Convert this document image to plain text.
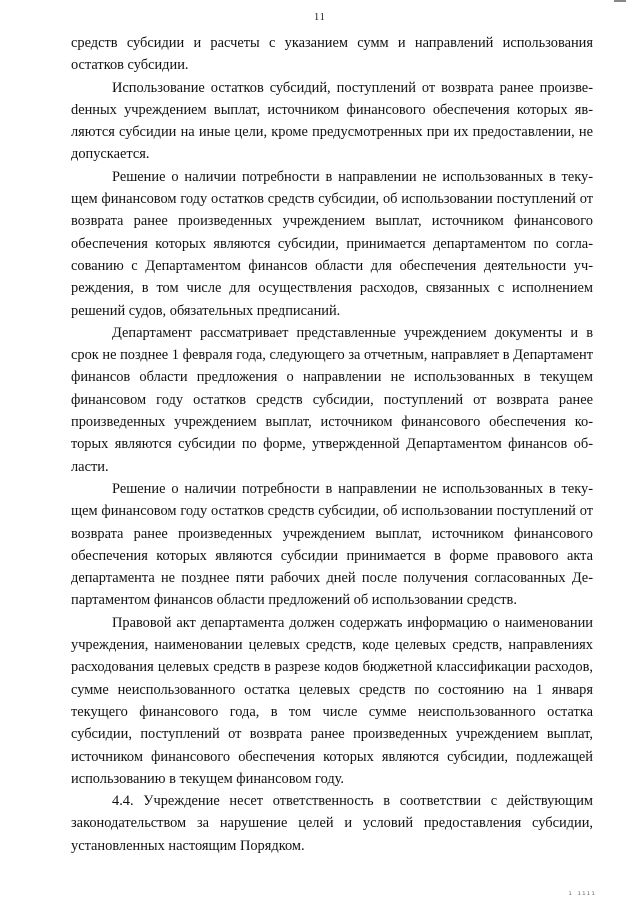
11

средств субсидии и расчеты с указанием сумм и направлений использования остатков субсидии.

Использование остатков субсидий, поступлений от возврата ранее произвеdенных учреждением выплат, источником финансового обеспечения которых являются субсидии на иные цели, кроме предусмотренных при их предоставлении, не допускается.

Решение о наличии потребности в направлении не использованных в текущем финансовом году остатков средств субсидии, об использовании поступлений от возврата ранее произведенных учреждением выплат, источником финансового обеспечения которых являются субсидии, принимается департаментом по согласованию с Департаментом финансов области для обеспечения деятельности учреждения, в том числе для осуществления расходов, связанных с исполнением решений судов, обязательных предписаний.

Департамент рассматривает представленные учреждением документы и в срок не позднее 1 февраля года, следующего за отчетным, направляет в Департамент финансов области предложения о направлении не использованных в текущем финансовом году остатков средств субсидии, поступлений от возврата ранее произведенных учреждением выплат, источником финансового обеспечения которых являются субсидии по форме, утвержденной Департаментом финансов области.

Решение о наличии потребности в направлении не использованных в текущем финансовом году остатков средств субсидии, об использовании поступлений от возврата ранее произведенных учреждением выплат, источником финансового обеспечения которых являются субсидии принимается в форме правового акта департамента не позднее пяти рабочих дней после получения согласованных Департаментом финансов области предложений об использовании средств.

Правовой акт департамента должен содержать информацию о наименовании учреждения, наименовании целевых средств, коде целевых средств, направлениях расходования целевых средств в разрезе кодов бюджетной классификации расходов, сумме неиспользованного остатка целевых средств по состоянию на 1 января текущего финансового года, в том числе сумме неиспользованного остатка субсидии, поступлений от возврата ранее произведенных учреждением выплат, источником финансового обеспечения которых являются субсидии, подлежащей использованию в текущем финансовом году.

4.4. Учреждение несет ответственность в соответствии с действующим законодательством за нарушение целей и условий предоставления субсидии, установленных настоящим Порядком.

ı ıııı
